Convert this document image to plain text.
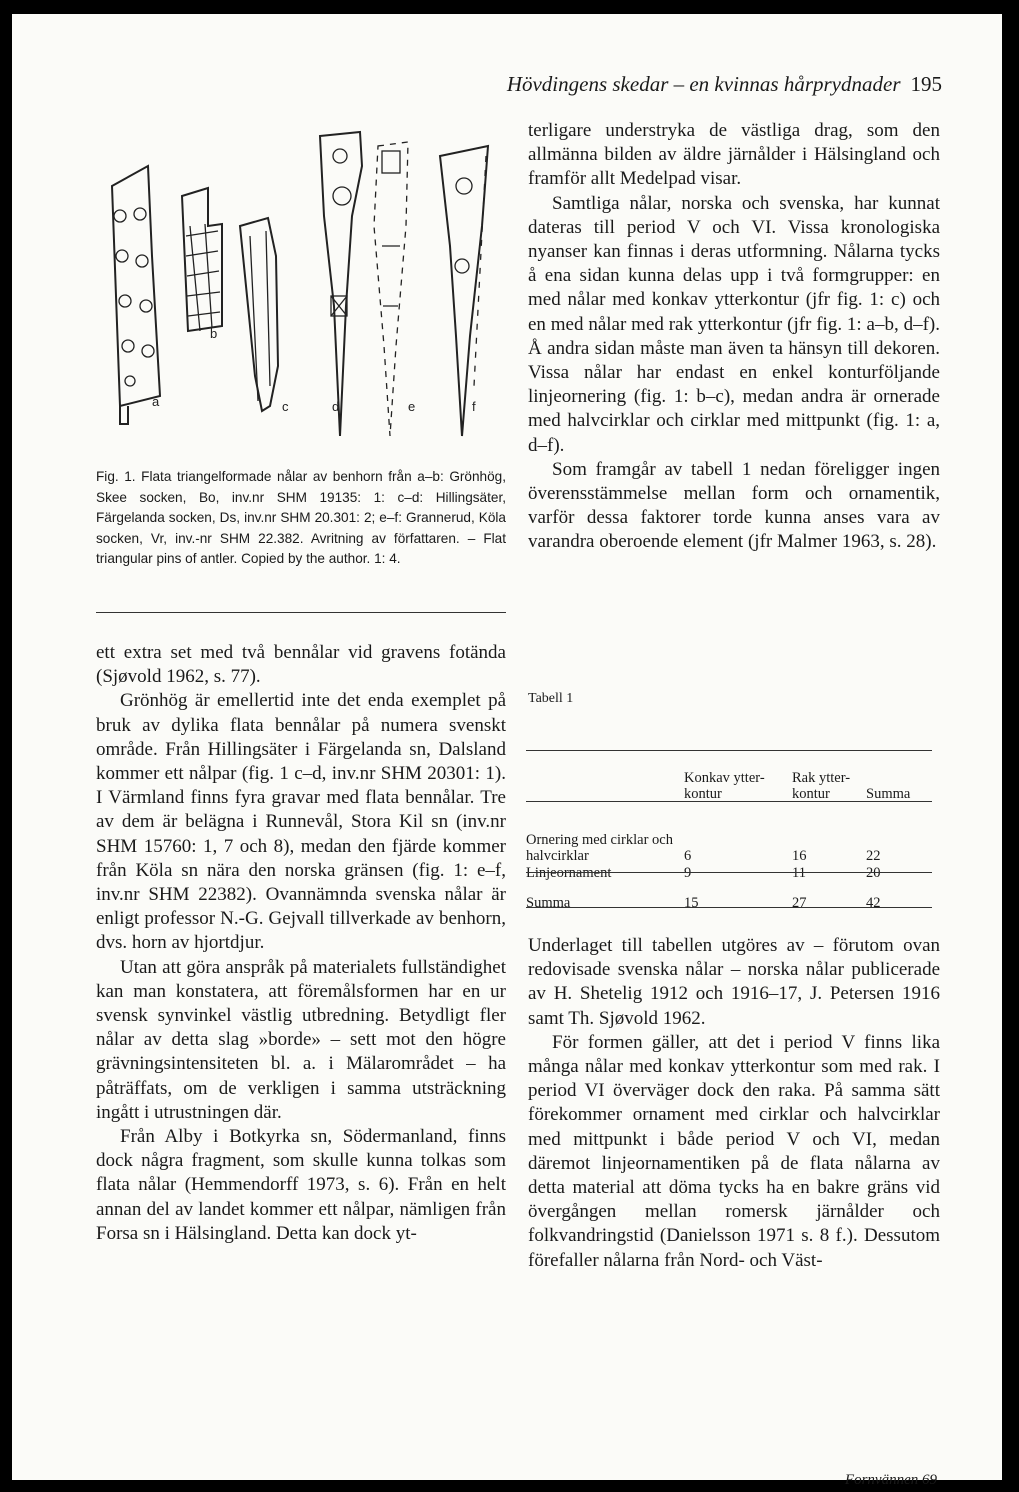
Hövdingens skedar – en kvinnas hårprydnader 195
a
b
c	d	e	f

Fig. 1. Flata triangelformade nålar av benhorn från a–b: Grönhög, Skee socken, Bo, inv.nr SHM 19135: 1: c–d: Hillingsäter, Färgelanda socken, Ds, inv.nr SHM 20.301: 2; e–f: Grannerud, Köla socken, Vr, inv.-nr SHM 22.382. Avritning av författaren. – Flat triangular pins of antler. Copied by the author. 1: 4.

ett extra set med två bennålar vid gravens fotända (Sjøvold 1962, s. 77).

Grönhög är emellertid inte det enda exemplet på bruk av dylika flata bennålar på numera svenskt område. Från Hillingsäter i Färgelanda sn, Dalsland kommer ett nålpar (fig. 1 c–d, inv.nr SHM 20301: 1). I Värmland finns fyra gravar med flata bennålar. Tre av dem är belägna i Runnevål, Stora Kil sn (inv.nr SHM 15760: 1, 7 och 8), medan den fjärde kommer från Köla sn nära den norska gränsen (fig. 1: e–f, inv.nr SHM 22382). Ovannämnda svenska nålar är enligt professor N.-G. Gejvall tillverkade av benhorn, dvs. horn av hjortdjur.

Utan att göra anspråk på materialets fullständighet kan man konstatera, att föremålsformen har en ur svensk synvinkel västlig utbredning. Betydligt fler nålar av detta slag »borde» – sett mot den högre grävningsintensiteten bl. a. i Mälarområdet – ha påträffats, om de verkligen i samma utsträckning ingått i utrustningen där.

Från Alby i Botkyrka sn, Södermanland, finns dock några fragment, som skulle kunna tolkas som flata nålar (Hemmendorff 1973, s. 6). Från en helt annan del av landet kommer ett nålpar, nämligen från Forsa sn i Hälsingland. Detta kan dock yt-

terligare understryka de västliga drag, som den allmänna bilden av äldre järnålder i Hälsingland och framför allt Medelpad visar.

Samtliga nålar, norska och svenska, har kunnat dateras till period V och VI. Vissa kronologiska nyanser kan finnas i deras utformning. Nålarna tycks å ena sidan kunna delas upp i två formgrupper: en med nålar med konkav ytterkontur (jfr fig. 1: c) och en med nålar med rak ytterkontur (jfr fig. 1: a–b, d–f). Å andra sidan måste man även ta hänsyn till dekoren. Vissa nålar har endast en enkel konturföljande linjeornering (fig. 1: b–c), medan andra är ornerade med halvcirklar och cirklar med mittpunkt (fig. 1: a, d–f).

Som framgår av tabell 1 nedan föreligger ingen överensstämmelse mellan form och ornamentik, varför dessa faktorer torde kunna anses vara av varandra oberoende element (jfr Malmer 1963, s. 28).

Tabell 1
	Konkav ytter- kontur	Rak ytter- kontur	Summa
Ornering med cirklar och halvcirklar	6	16	22
Linjeornament	9	11	20
Summa	15	27	42

Underlaget till tabellen utgöres av – förutom ovan redovisade svenska nålar – norska nålar publicerade av H. Shetelig 1912 och 1916–17, J. Petersen 1916 samt Th. Sjøvold 1962.

För formen gäller, att det i period V finns lika många nålar med konkav ytterkontur som med rak. I period VI överväger dock den raka. På samma sätt förekommer ornament med cirklar och halvcirklar med mittpunkt i både period V och VI, medan däremot linjeornamentiken på de flata nålarna av detta material att döma tycks ha en bakre gräns vid övergången mellan romersk järnålder och folkvandringstid (Danielsson 1971 s. 8 f.). Dessutom förefaller nålarna från Nord- och Väst-

Fornvännen 69
